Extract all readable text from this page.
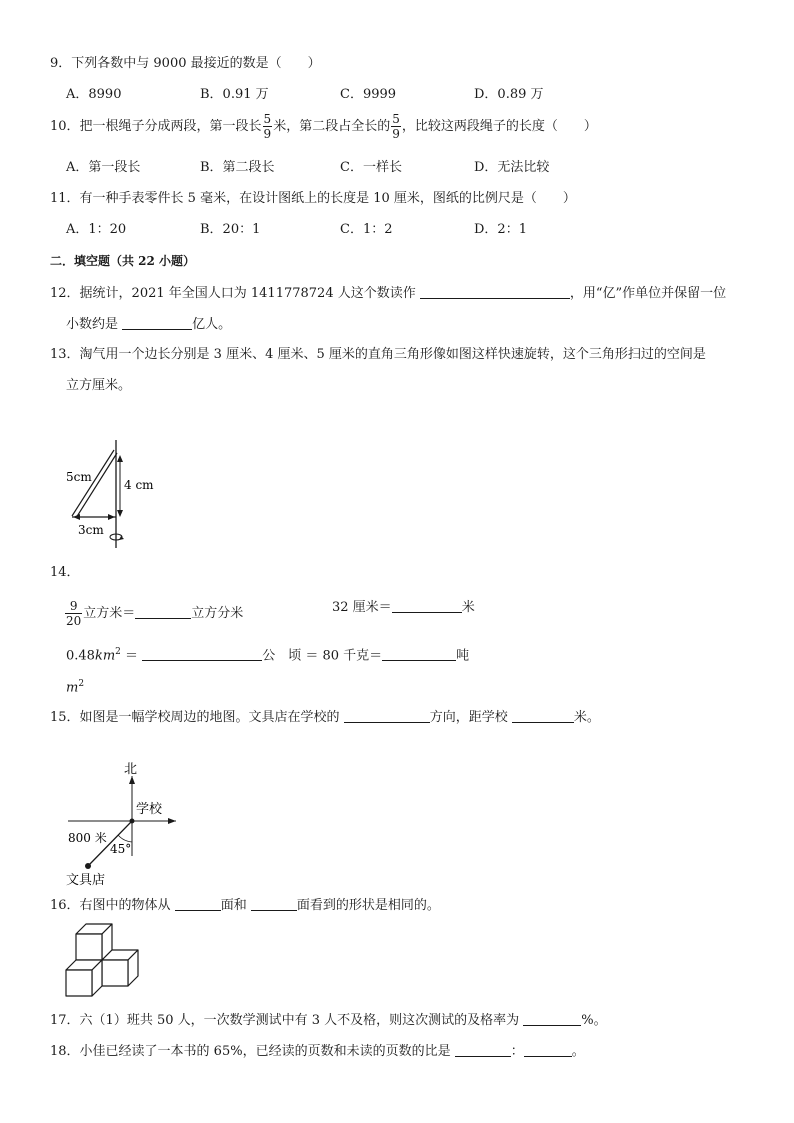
9．下列各数中与 9000 最接近的数是（　　）
A．8990	B．0.91 万	C．9999	D．0.89 万
10．把一根绳子分成两段，第一段长 $\frac{5}{9}$ 米，第二段占全长的 $\frac{5}{9}$ ，比较这两段绳子的长度（　　）
A．第一段长	B．第二段长	C．一样长	D．无法比较
11．有一种手表零件长 5 毫米，在设计图纸上的长度是 10 厘米，图纸的比例尺是（　　）
A．1：20	B．20：1	C．1：2	D．2：1
二．填空题（共 22 小题）
12．据统计，2021 年全国人口为 1411778724 人这个数读作	，用“亿”作单位并保留一位
小数约是	亿人。
13．淘气用一个边长分别是 3 厘米、4 厘米、5 厘米的直角三角形像如图这样快速旋转，这个三角形扫过的空间是
立方厘米。
5cm
4 cm
3cm
14．
$\frac{9}{20}$ 立方米＝	立方分米	32 厘米＝	米
$0.48km^2$ ＝	公　顷 ＝ 80 千克＝	吨
$m^2$
15．如图是一幅学校周边的地图。文具店在学校的	方向，距学校	米。
北
学校
800 米
45°
文具店
16．右图中的物体从	面和	面看到的形状是相同的。
17．六（1）班共 50 人，一次数学测试中有 3 人不及格，则这次测试的及格率为	%。
18．小佳已经读了一本书的 65%，已经读的页数和未读的页数的比是	：	。
